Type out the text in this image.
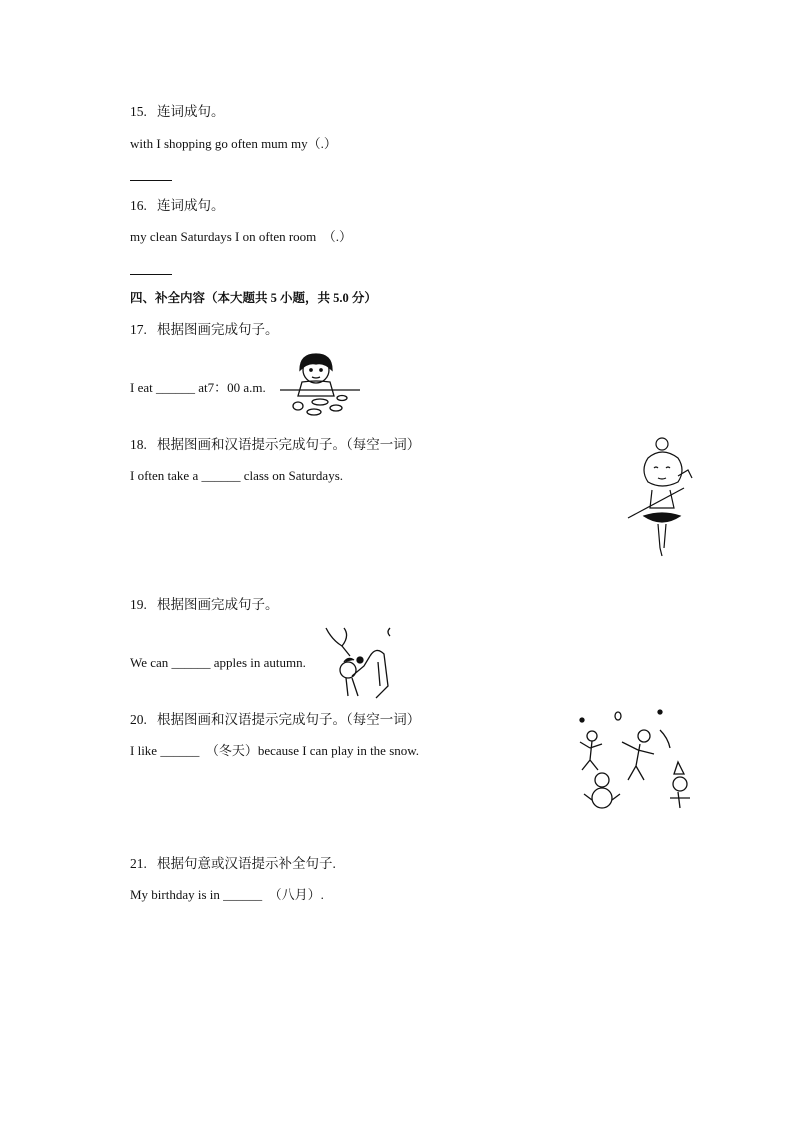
15.   连词成句。
with I shopping go often mum my（.）
16.   连词成句。
my clean Saturdays I on often room  （.）
四、补全内容（本大题共 5 小题，共 5.0 分）
17.   根据图画完成句子。
I eat ______ at7：00 a.m.
18.   根据图画和汉语提示完成句子。（每空一词）
I often take a ______ class on Saturdays.
19.   根据图画完成句子。
We can ______ apples in autumn.
20.   根据图画和汉语提示完成句子。（每空一词）
I like ______  （冬天）because I can play in the snow.
21.   根据句意或汉语提示补全句子.
My birthday is in ______  （八月）.
